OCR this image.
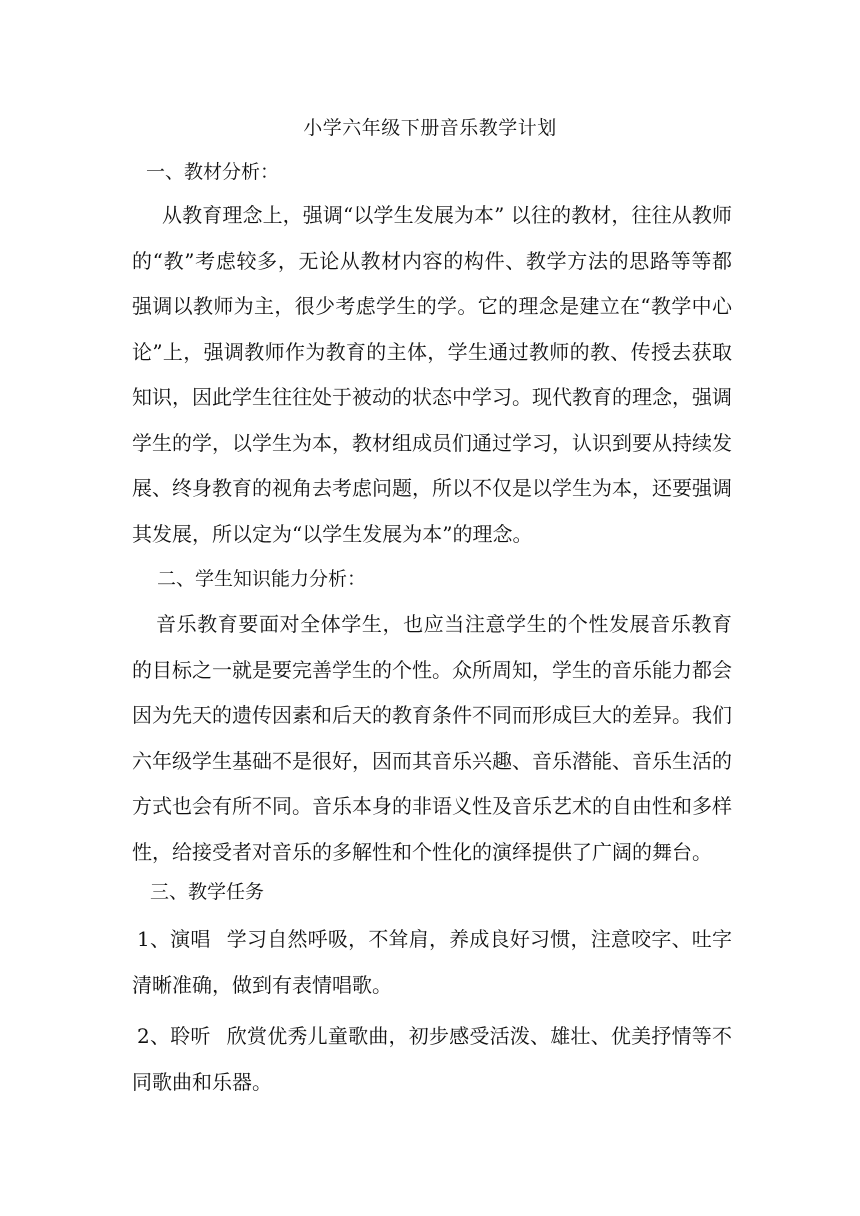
小学六年级下册音乐教学计划
一、教材分析：
从教育理念上，强调“以学生发展为本” 以往的教材，往往从教师的“教”考虑较多，无论从教材内容的构件、教学方法的思路等等都强调以教师为主，很少考虑学生的学。它的理念是建立在“教学中心论”上，强调教师作为教育的主体，学生通过教师的教、传授去获取知识，因此学生往往处于被动的状态中学习。现代教育的理念，强调学生的学，以学生为本，教材组成员们通过学习，认识到要从持续发展、终身教育的视角去考虑问题，所以不仅是以学生为本，还要强调其发展，所以定为“以学生发展为本”的理念。
二、学生知识能力分析：
音乐教育要面对全体学生，也应当注意学生的个性发展音乐教育的目标之一就是要完善学生的个性。众所周知，学生的音乐能力都会因为先天的遗传因素和后天的教育条件不同而形成巨大的差异。我们六年级学生基础不是很好，因而其音乐兴趣、音乐潜能、音乐生活的方式也会有所不同。音乐本身的非语义性及音乐艺术的自由性和多样性，给接受者对音乐的多解性和个性化的演绎提供了广阔的舞台。
三、教学任务
1、演唱 学习自然呼吸，不耸肩，养成良好习惯，注意咬字、吐字清晰准确，做到有表情唱歌。
2、聆听 欣赏优秀儿童歌曲，初步感受活泼、雄壮、优美抒情等不同歌曲和乐器。
